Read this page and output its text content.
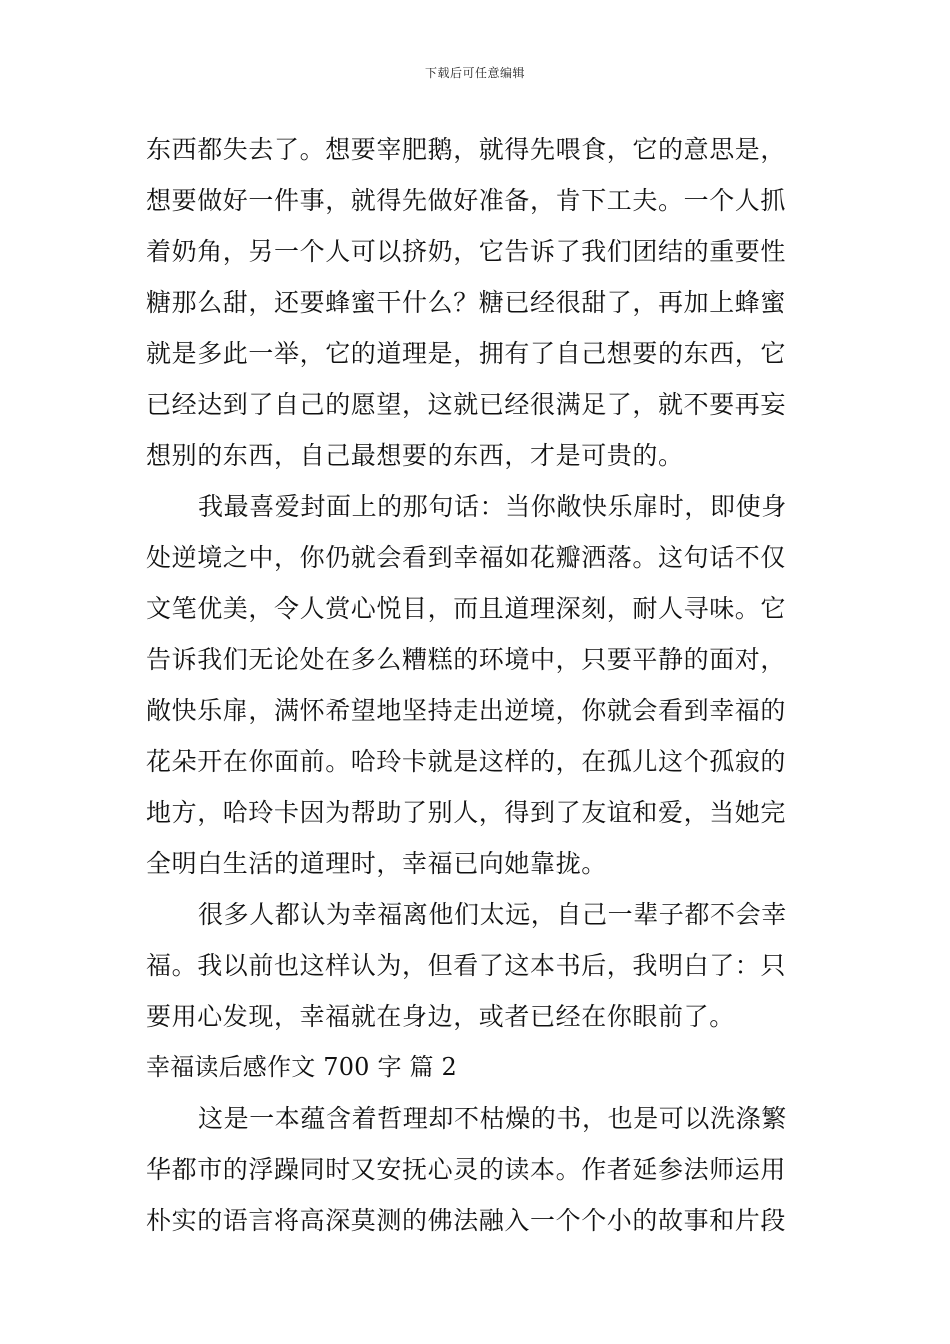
下载后可任意编辑
东西都失去了。想要宰肥鹅，就得先喂食，它的意思是，
想要做好一件事，就得先做好准备，肯下工夫。一个人抓
着奶角，另一个人可以挤奶，它告诉了我们团结的重要性
糖那么甜，还要蜂蜜干什么？糖已经很甜了，再加上蜂蜜
就是多此一举，它的道理是，拥有了自己想要的东西，它
已经达到了自己的愿望，这就已经很满足了，就不要再妄
想别的东西，自己最想要的东西，才是可贵的。
我最喜爱封面上的那句话：当你敞快乐扉时，即使身
处逆境之中，你仍就会看到幸福如花瓣洒落。这句话不仅
文笔优美，令人赏心悦目，而且道理深刻，耐人寻味。它
告诉我们无论处在多么糟糕的环境中，只要平静的面对，
敞快乐扉，满怀希望地坚持走出逆境，你就会看到幸福的
花朵开在你面前。哈玲卡就是这样的，在孤儿这个孤寂的
地方，哈玲卡因为帮助了别人，得到了友谊和爱，当她完
全明白生活的道理时，幸福已向她靠拢。
很多人都认为幸福离他们太远，自己一辈子都不会幸
福。我以前也这样认为，但看了这本书后，我明白了：只
要用心发现，幸福就在身边，或者已经在你眼前了。
幸福读后感作文 700 字 篇 2
这是一本蕴含着哲理却不枯燥的书，也是可以洗涤繁
华都市的浮躁同时又安抚心灵的读本。作者延参法师运用
朴实的语言将高深莫测的佛法融入一个个小的故事和片段
